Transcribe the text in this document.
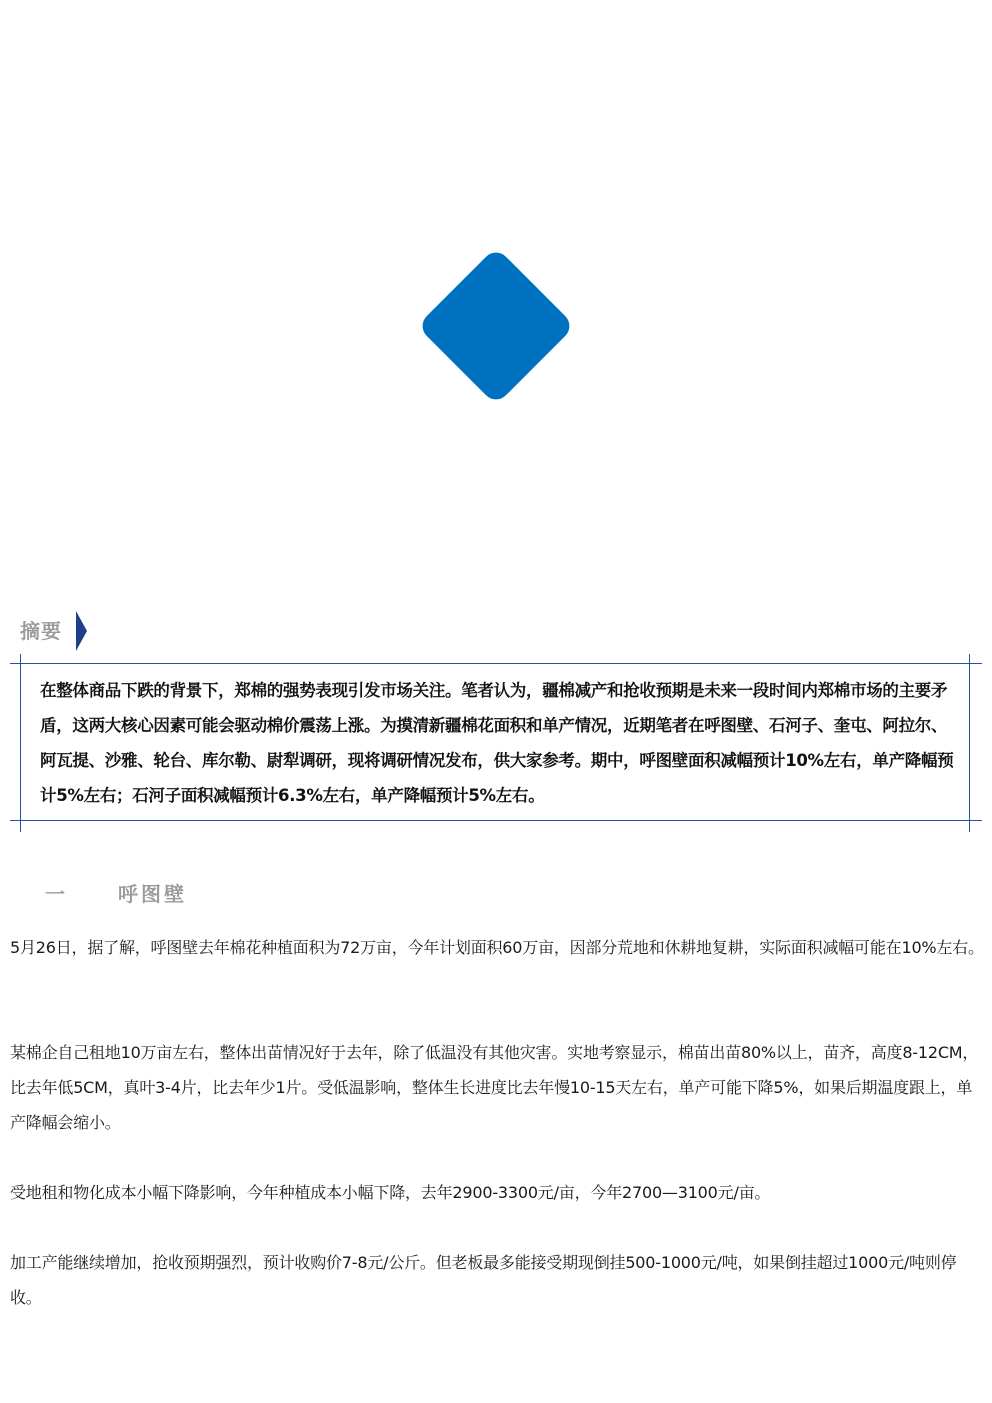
摘要
在整体商品下跌的背景下，郑棉的强势表现引发市场关注。笔者认为，疆棉减产和抢收预期是未来一段时间内郑棉市场的主要矛盾，这两大核心因素可能会驱动棉价震荡上涨。为摸清新疆棉花面积和单产情况，近期笔者在呼图壁、石河子、奎屯、阿拉尔、阿瓦提、沙雅、轮台、库尔勒、尉犁调研，现将调研情况发布，供大家参考。期中，呼图壁面积减幅预计10%左右，单产降幅预计5%左右；石河子面积减幅预计6.3%左右，单产降幅预计5%左右。
一	呼图壁
5月26日，据了解，呼图壁去年棉花种植面积为72万亩，今年计划面积60万亩，因部分荒地和休耕地复耕，实际面积减幅可能在10%左右。
某棉企自己租地10万亩左右，整体出苗情况好于去年，除了低温没有其他灾害。实地考察显示，棉苗出苗80%以上，苗齐，高度8-12CM，比去年低5CM，真叶3-4片，比去年少1片。受低温影响，整体生长进度比去年慢10-15天左右，单产可能下降5%，如果后期温度跟上，单产降幅会缩小。
受地租和物化成本小幅下降影响，今年种植成本小幅下降，去年2900-3300元/亩，今年2700—3100元/亩。
加工产能继续增加，抢收预期强烈，预计收购价7-8元/公斤。但老板最多能接受期现倒挂500-1000元/吨，如果倒挂超过1000元/吨则停收。
